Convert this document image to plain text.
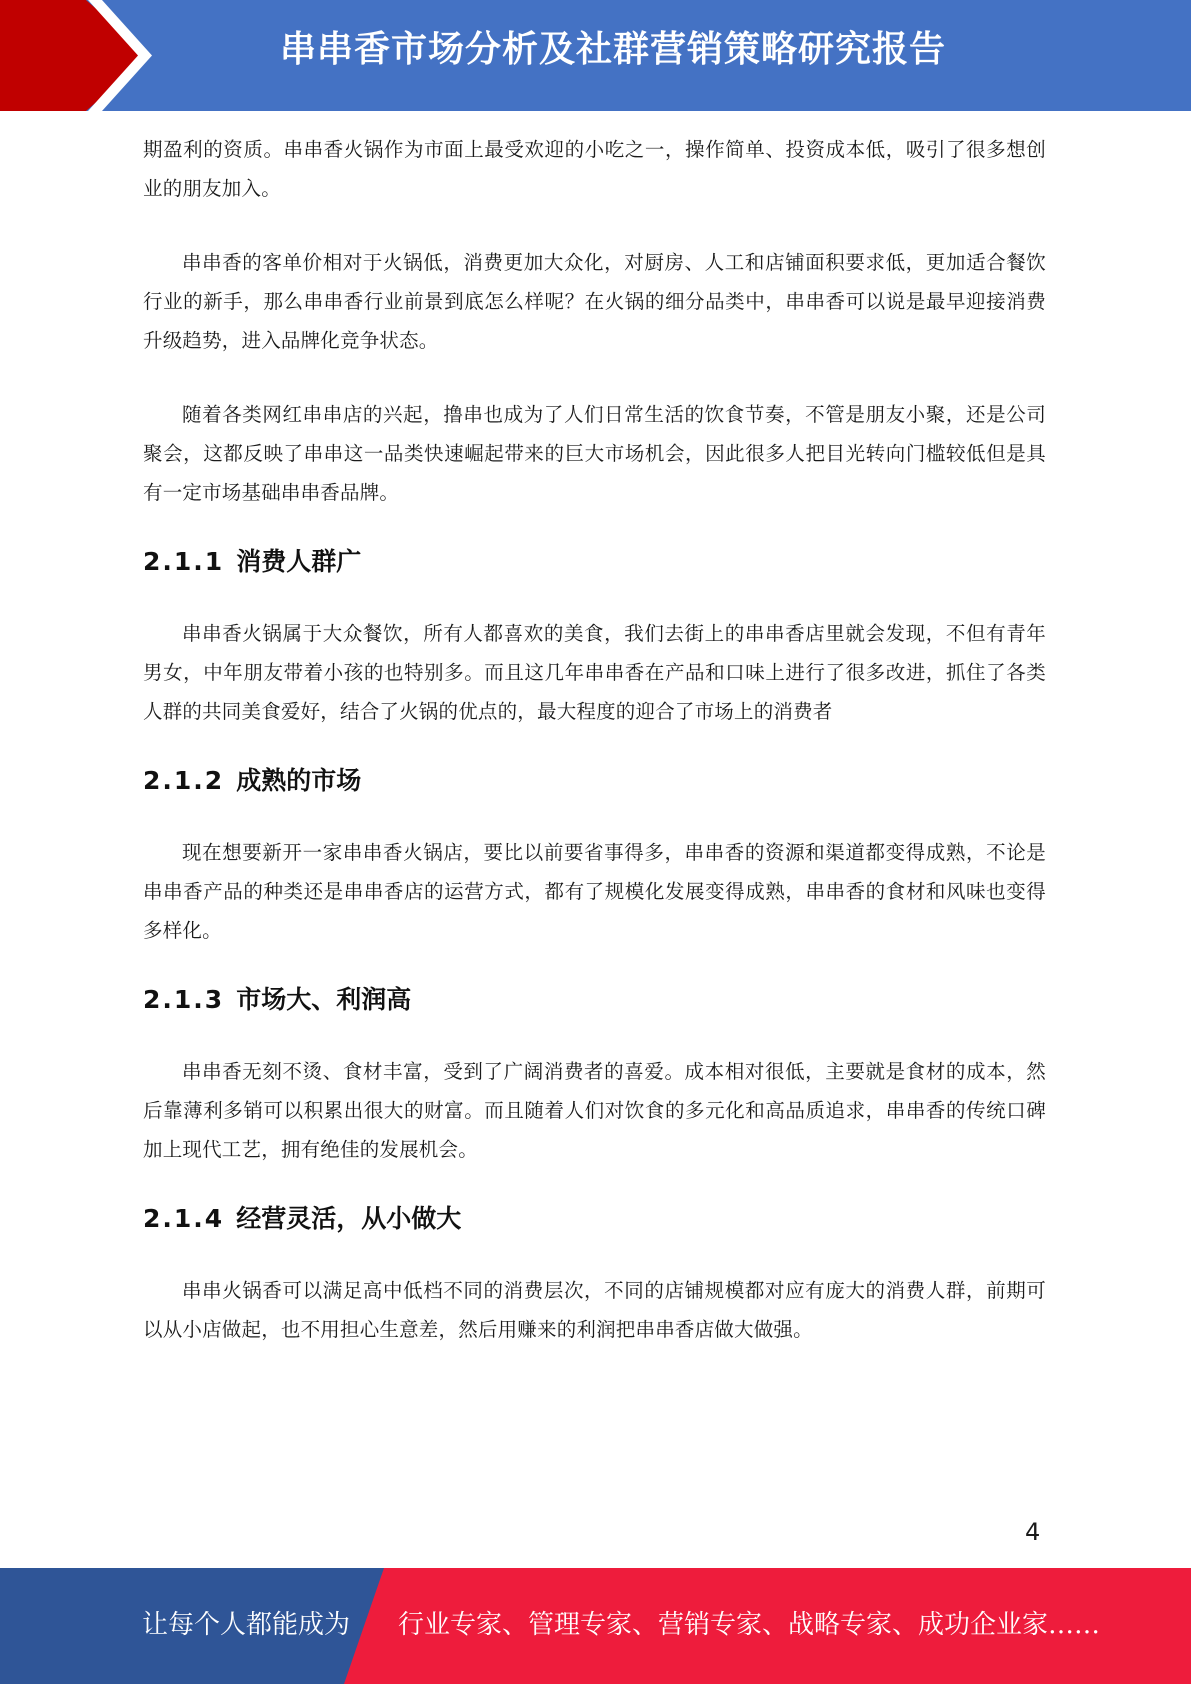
串串香市场分析及社群营销策略研究报告

期盈利的资质。串串香火锅作为市面上最受欢迎的小吃之一，操作简单、投资成本低，吸引了很多想创业的朋友加入。

串串香的客单价相对于火锅低，消费更加大众化，对厨房、人工和店铺面积要求低，更加适合餐饮行业的新手，那么串串香行业前景到底怎么样呢？在火锅的细分品类中，串串香可以说是最早迎接消费升级趋势，进入品牌化竞争状态。

随着各类网红串串店的兴起，撸串也成为了人们日常生活的饮食节奏，不管是朋友小聚，还是公司聚会，这都反映了串串这一品类快速崛起带来的巨大市场机会，因此很多人把目光转向门槛较低但是具有一定市场基础串串香品牌。

2.1.1 消费人群广

串串香火锅属于大众餐饮，所有人都喜欢的美食，我们去街上的串串香店里就会发现，不但有青年男女，中年朋友带着小孩的也特别多。而且这几年串串香在产品和口味上进行了很多改进，抓住了各类人群的共同美食爱好，结合了火锅的优点的，最大程度的迎合了市场上的消费者

2.1.2 成熟的市场

现在想要新开一家串串香火锅店，要比以前要省事得多，串串香的资源和渠道都变得成熟，不论是串串香产品的种类还是串串香店的运营方式，都有了规模化发展变得成熟，串串香的食材和风味也变得多样化。

2.1.3 市场大、利润高

串串香无刻不烫、食材丰富，受到了广阔消费者的喜爱。成本相对很低，主要就是食材的成本，然后靠薄利多销可以积累出很大的财富。而且随着人们对饮食的多元化和高品质追求，串串香的传统口碑加上现代工艺，拥有绝佳的发展机会。

2.1.4 经营灵活，从小做大

串串火锅香可以满足高中低档不同的消费层次，不同的店铺规模都对应有庞大的消费人群，前期可以从小店做起，也不用担心生意差，然后用赚来的利润把串串香店做大做强。

4
让每个人都能成为 行业专家、管理专家、营销专家、战略专家、成功企业家……
